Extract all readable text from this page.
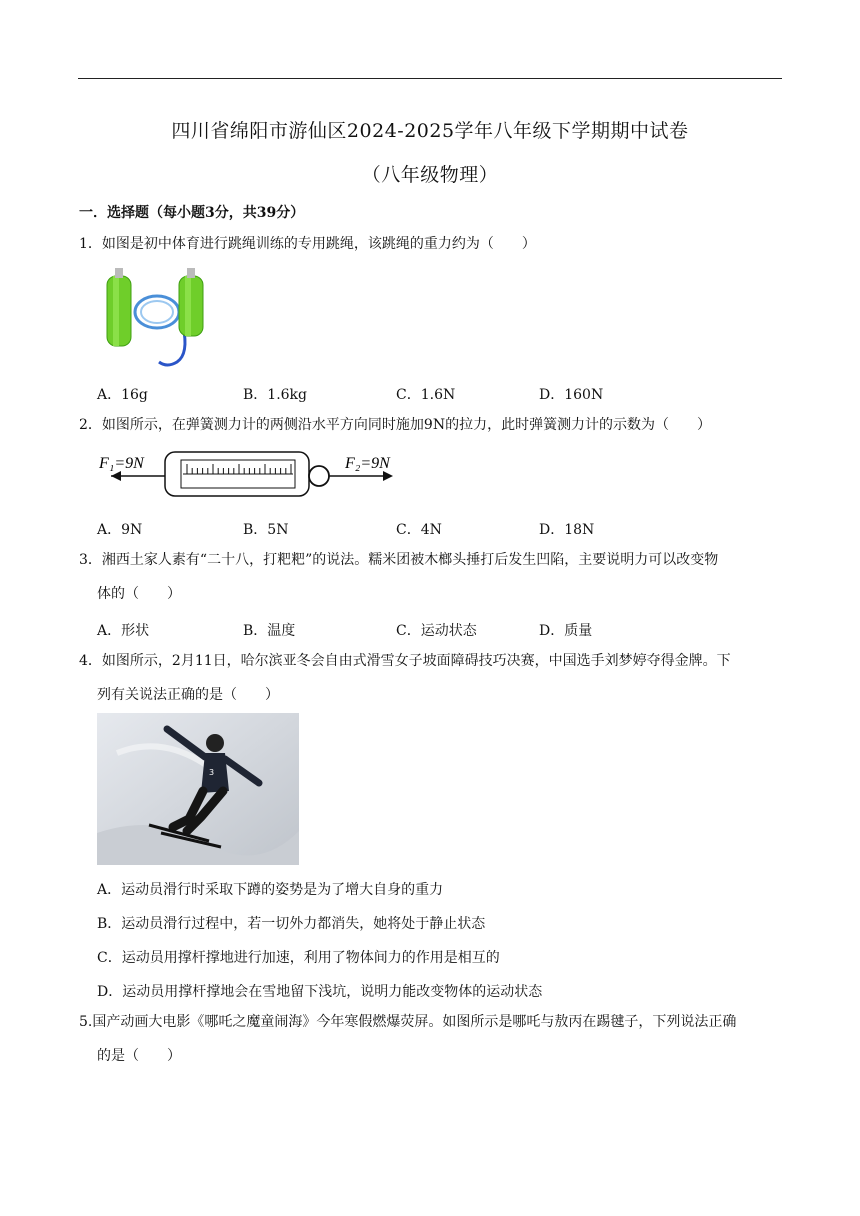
四川省绵阳市游仙区2024-2025学年八年级下学期期中试卷
（八年级物理）
一．选择题（每小题3分，共39分）
1．如图是初中体育进行跳绳训练的专用跳绳，该跳绳的重力约为（　　）
A．16g	B．1.6kg	C．1.6N	D．160N
2．如图所示，在弹簧测力计的两侧沿水平方向同时施加9N的拉力，此时弹簧测力计的示数为（　　）
F₁=9N	F₂=9N
A．9N	B．5N	C．4N	D．18N
3．湘西土家人素有“二十八，打粑粑”的说法。糯米团被木榔头捶打后发生凹陷，主要说明力可以改变物
体的（　　）
A．形状	B．温度	C．运动状态	D．质量
4．如图所示，2月11日，哈尔滨亚冬会自由式滑雪女子坡面障碍技巧决赛，中国选手刘梦婷夺得金牌。下
列有关说法正确的是（　　）
3
A．运动员滑行时采取下蹲的姿势是为了增大自身的重力
B．运动员滑行过程中，若一切外力都消失，她将处于静止状态
C．运动员用撑杆撑地进行加速，利用了物体间力的作用是相互的
D．运动员用撑杆撑地会在雪地留下浅坑，说明力能改变物体的运动状态
5.国产动画大电影《哪吒之魔童闹海》今年寒假燃爆荧屏。如图所示是哪吒与敖丙在踢毽子，下列说法正确
的是（　　）
